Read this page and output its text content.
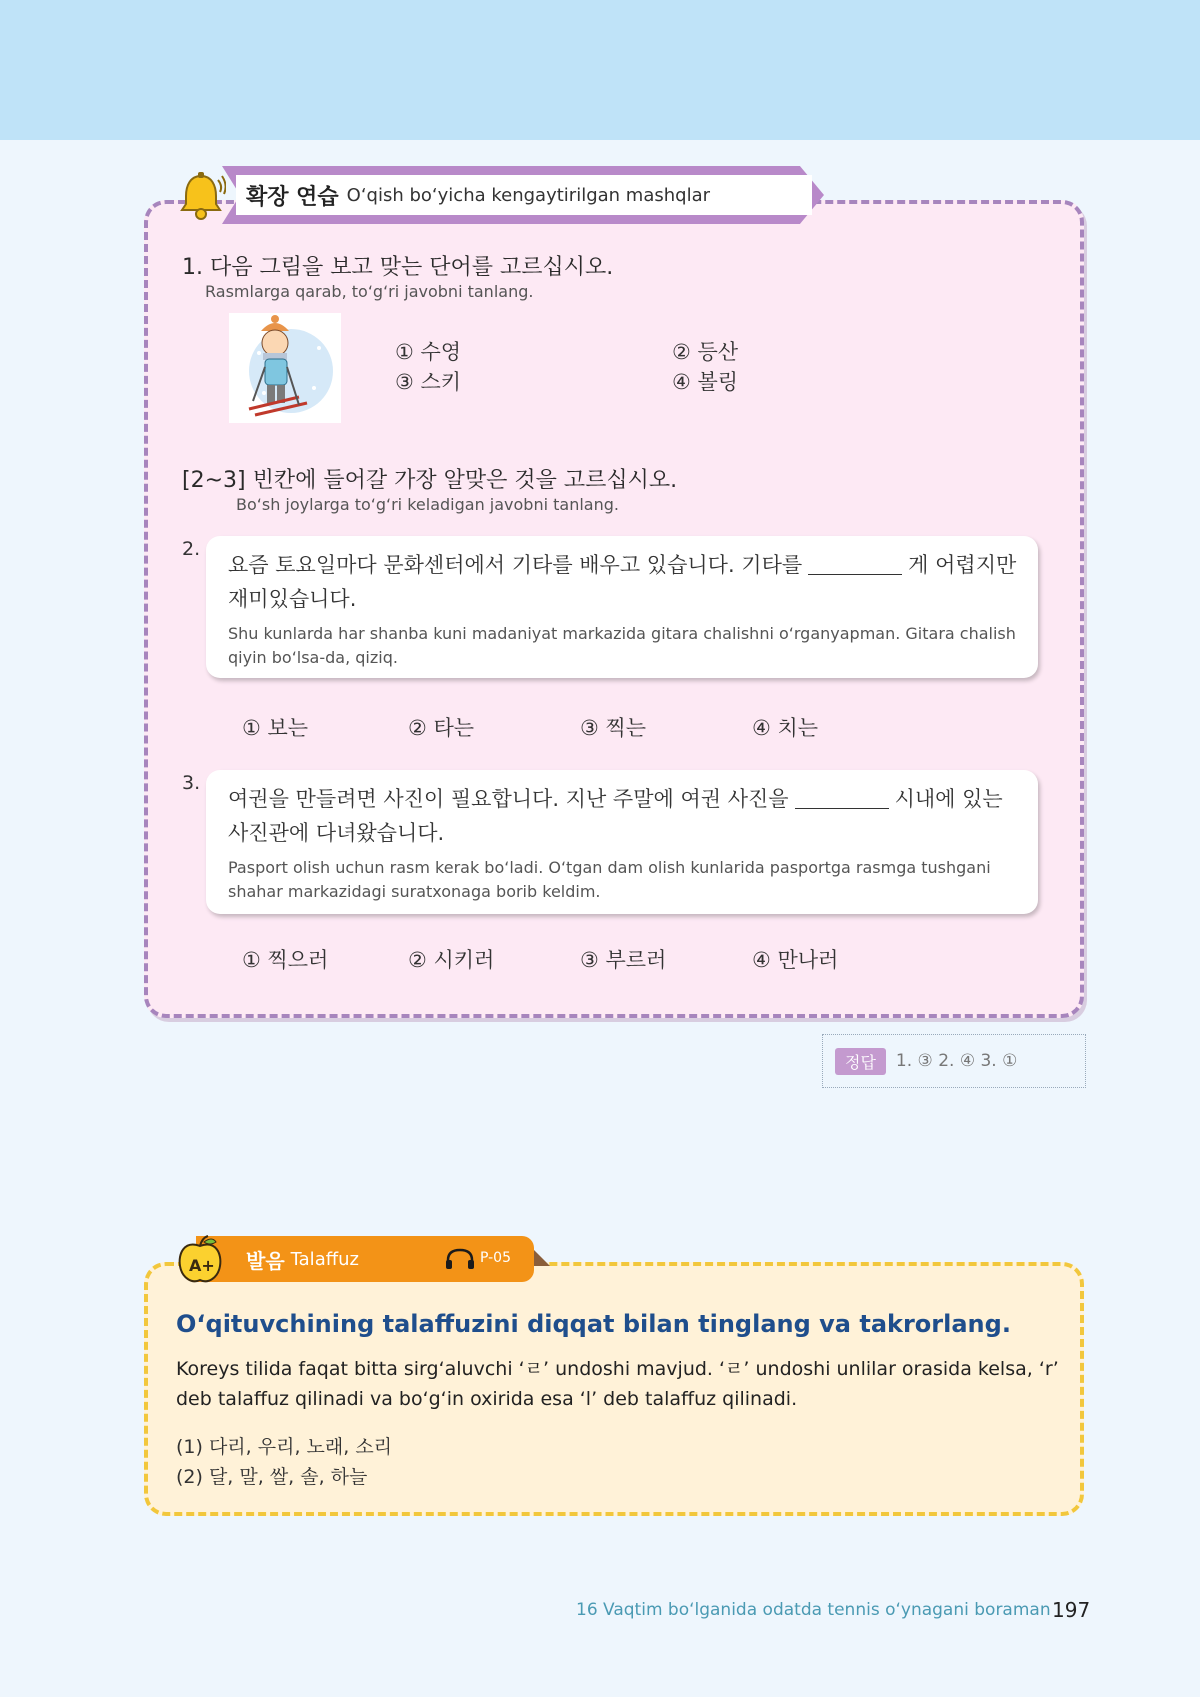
확장 연습 O‘qish bo‘yicha kengaytirilgan mashqlar
1. 다음 그림을 보고 맞는 단어를 고르십시오.
Rasmlarga qarab, to‘g‘ri javobni tanlang.
① 수영	② 등산
③ 스키	④ 볼링
[2~3] 빈칸에 들어갈 가장 알맞은 것을 고르십시오.
Bo‘sh joylarga to‘g‘ri keladigan javobni tanlang.
2.
요즘 토요일마다 문화센터에서 기타를 배우고 있습니다. 기타를	게 어렵지만 재미있습니다.
Shu kunlarda har shanba kuni madaniyat markazida gitara chalishni o‘rganyapman. Gitara chalish qiyin bo‘lsa-da, qiziq.
① 보는	② 타는	③ 찍는	④ 치는
3.
여권을 만들려면 사진이 필요합니다. 지난 주말에 여권 사진을	시내에 있는 사진관에 다녀왔습니다.
Pasport olish uchun rasm kerak bo‘ladi. O‘tgan dam olish kunlarida pasportga rasmga tushgani shahar markazidagi suratxonaga borib keldim.
① 찍으러	② 시키러	③ 부르러	④ 만나러
정답	1. ③ 2. ④ 3. ①
발음 Talaffuz	P-05
A+
O‘qituvchining talaffuzini diqqat bilan tinglang va takrorlang.
Koreys tilida faqat bitta sirg‘aluvchi ‘ㄹ’ undoshi mavjud. ‘ㄹ’ undoshi unlilar orasida kelsa, ‘r’ deb talaffuz qilinadi va bo‘g‘in oxirida esa ‘l’ deb talaffuz qilinadi.
(1) 다리, 우리, 노래, 소리
(2) 달, 말, 쌀, 솔, 하늘
16 Vaqtim bo‘lganida odatda tennis o‘ynagani boraman 197
